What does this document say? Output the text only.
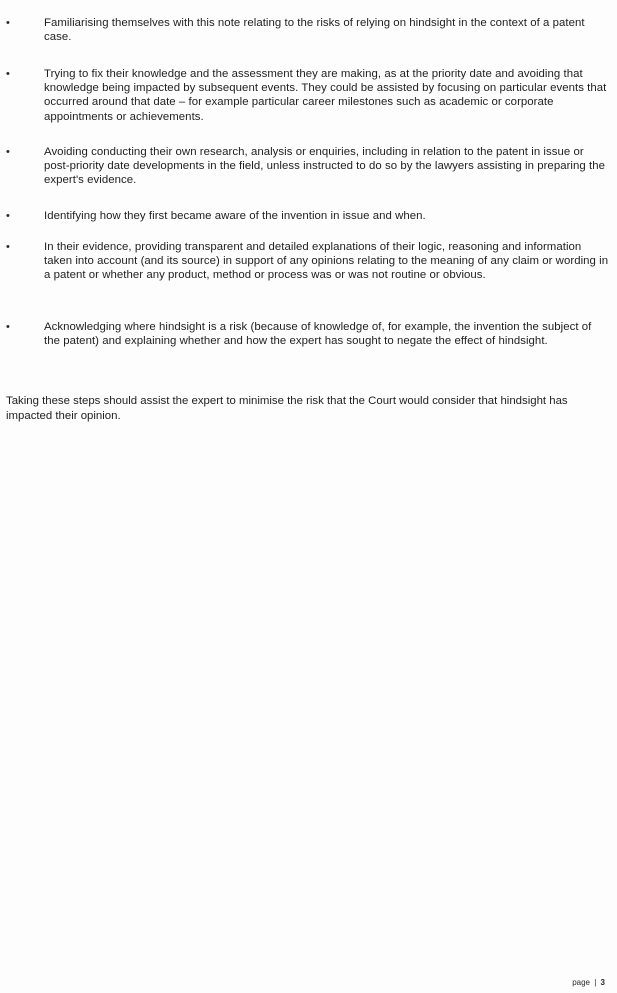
•	Familiarising themselves with this note relating to the risks of relying on hindsight in the context of a patent case.
•	Trying to fix their knowledge and the assessment they are making, as at the priority date and avoiding that knowledge being impacted by subsequent events. They could be assisted by focusing on particular events that occurred around that date – for example particular career milestones such as academic or corporate appointments or achievements.
•	Avoiding conducting their own research, analysis or enquiries, including in relation to the patent in issue or post-priority date developments in the field, unless instructed to do so by the lawyers assisting in preparing the expert's evidence.
•	Identifying how they first became aware of the invention in issue and when.
•	In their evidence, providing transparent and detailed explanations of their logic, reasoning and information taken into account (and its source) in support of any opinions relating to the meaning of any claim or wording in a patent or whether any product, method or process was or was not routine or obvious.
•	Acknowledging where hindsight is a risk (because of knowledge of, for example, the invention the subject of the patent) and explaining whether and how the expert has sought to negate the effect of hindsight.

Taking these steps should assist the expert to minimise the risk that the Court would consider that hindsight has impacted their opinion.

page | 3
